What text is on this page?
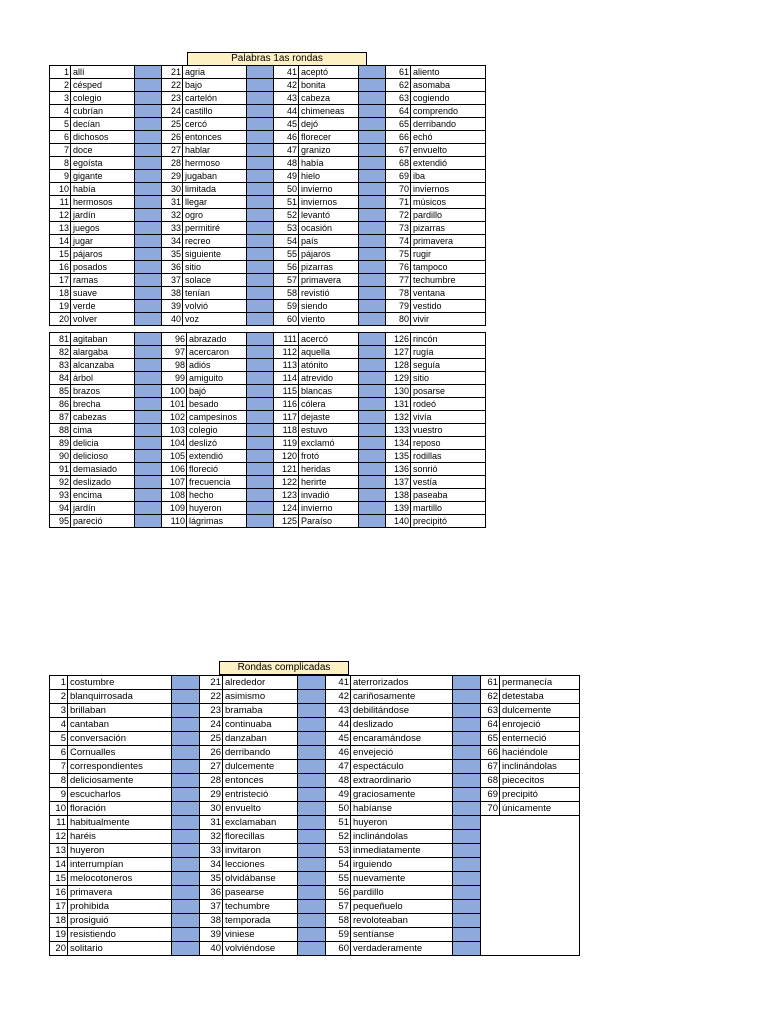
Palabras 1as rondas
1	allí		21	agria		41	aceptó		61	aliento
2	césped		22	bajo		42	bonita		62	asomaba
3	colegio		23	cartelón		43	cabeza		63	cogiendo
4	cubrían		24	castillo		44	chimeneas		64	comprendo
5	decían		25	cercó		45	dejó		65	derribando
6	dichosos		26	entonces		46	florecer		66	echó
7	doce		27	hablar		47	granizo		67	envuelto
8	egoísta		28	hermoso		48	había		68	extendió
9	gigante		29	jugaban		49	hielo		69	iba
10	había		30	limitada		50	invierno		70	inviernos
11	hermosos		31	llegar		51	inviernos		71	músicos
12	jardín		32	ogro		52	levantó		72	pardillo
13	juegos		33	permitiré		53	ocasión		73	pizarras
14	jugar		34	recreo		54	país		74	primavera
15	pájaros		35	siguiente		55	pájaros		75	rugir
16	posados		36	sitio		56	pizarras		76	tampoco
17	ramas		37	solace		57	primavera		77	techumbre
18	suave		38	tenían		58	revistió		78	ventana
19	verde		39	volvió		59	siendo		79	vestido
20	volver		40	voz		60	viento		80	vivir
81	agitaban		96	abrazado		111	acercó		126	rincón
82	alargaba		97	acercaron		112	aquella		127	rugía
83	alcanzaba		98	adiós		113	atónito		128	seguía
84	árbol		99	amiguito		114	atrevido		129	sitio
85	brazos		100	bajó		115	blancas		130	posarse
86	brecha		101	besado		116	cólera		131	rodeó
87	cabezas		102	campesinos		117	dejaste		132	vivía
88	cima		103	colegio		118	estuvo		133	vuestro
89	delicia		104	deslizó		119	exclamó		134	reposo
90	delicioso		105	extendió		120	frotó		135	rodillas
91	demasiado		106	floreció		121	heridas		136	sonrió
92	deslizado		107	frecuencia		122	herirte		137	vestía
93	encima		108	hecho		123	invadió		138	paseaba
94	jardín		109	huyeron		124	invierno		139	martillo
95	pareció		110	lágrimas		125	Paraíso		140	precipitó
Rondas complicadas
1	costumbre		21	alrededor		41	aterrorizados		61	permanecía
2	blanquirrosada		22	asimismo		42	cariñosamente		62	detestaba
3	brillaban		23	bramaba		43	debilitándose		63	dulcemente
4	cantaban		24	continuaba		44	deslizado		64	enrojeció
5	conversación		25	danzaban		45	encaramándose		65	enterneció
6	Cornualles		26	derribando		46	envejeció		66	haciéndole
7	correspondientes		27	dulcemente		47	espectáculo		67	inclinándolas
8	deliciosamente		28	entonces		48	extraordinario		68	piececitos
9	escucharlos		29	entristeció		49	graciosamente		69	precipitó
10	floración		30	envuelto		50	habíanse		70	únicamente
11	habitualmente		31	exclamaban		51	huyeron			
12	haréis		32	florecillas		52	inclinándolas			
13	huyeron		33	invitaron		53	inmediatamente			
14	interrumpían		34	lecciones		54	irguiendo			
15	melocotoneros		35	olvidábanse		55	nuevamente			
16	primavera		36	pasearse		56	pardillo			
17	prohibida		37	techumbre		57	pequeñuelo			
18	prosiguió		38	temporada		58	revoloteaban			
19	resistiendo		39	viniese		59	sentíanse			
20	solitario		40	volviéndose		60	verdaderamente			
